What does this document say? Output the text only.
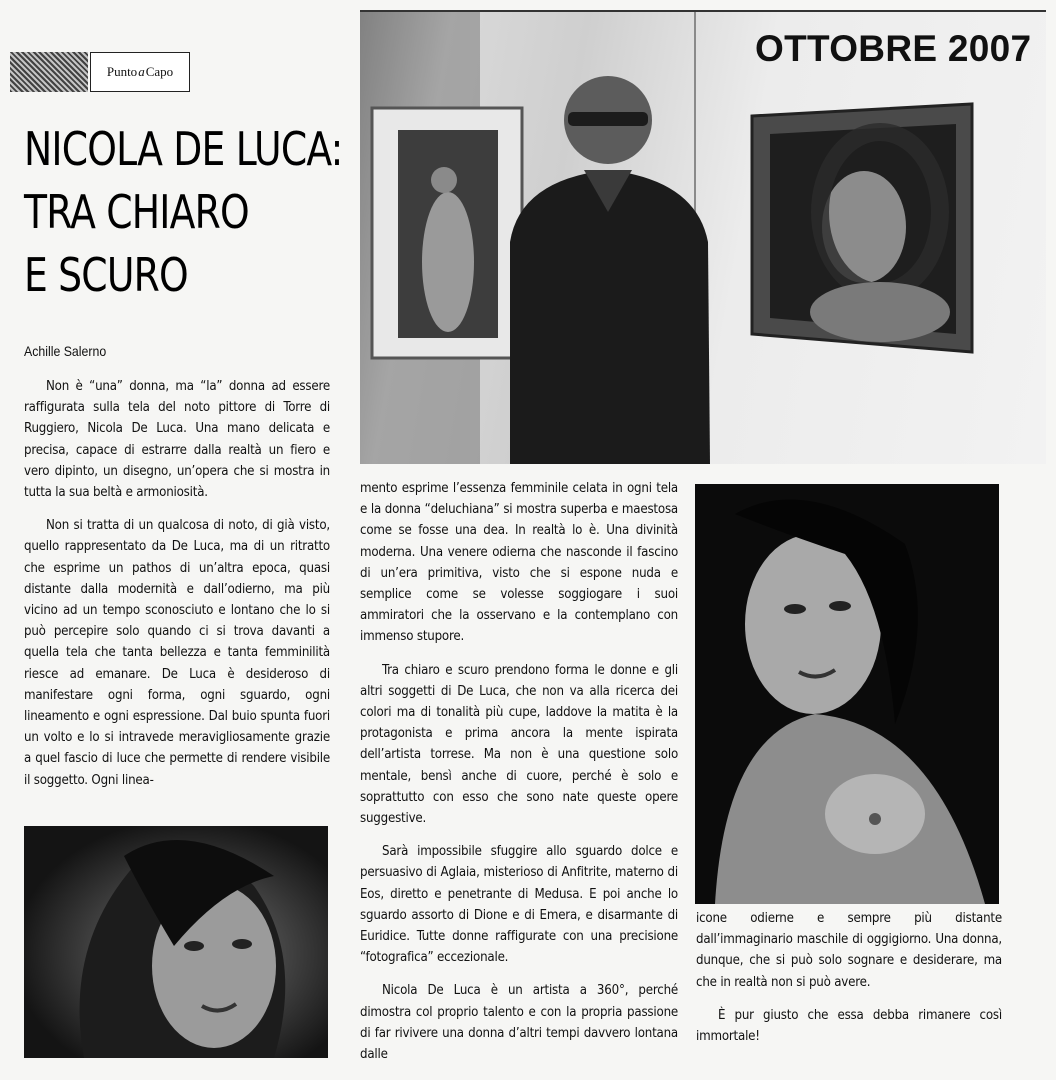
Punto a Capo
OTTOBRE 2007
NICOLA DE LUCA:
TRA CHIARO
E SCURO
Achille Salerno

Non è “una” donna, ma “la” donna ad essere raffigurata sulla tela del noto pittore di Torre di Ruggiero, Nicola De Luca. Una mano delicata e precisa, capace di estrarre dalla realtà un fiero e vero dipinto, un disegno, un’opera che si mostra in tutta la sua beltà e armoniosità.

Non si tratta di un qualcosa di noto, di già visto, quello rappresentato da De Luca, ma di un ritratto che esprime un pathos di un’altra epoca, quasi distante dalla modernità e dall’odierno, ma più vicino ad un tempo sconosciuto e lontano che lo si può percepire solo quando ci si trova davanti a quella tela che tanta bellezza e tanta femminilità riesce ad emanare. De Luca è desideroso di manifestare ogni forma, ogni sguardo, ogni lineamento e ogni espressione. Dal buio spunta fuori un volto e lo si intravede meravigliosamente grazie a quel fascio di luce che permette di rendere visibile il soggetto. Ogni linea-

mento esprime l’essenza femminile celata in ogni tela e la donna “deluchiana” si mostra superba e maestosa come se fosse una dea. In realtà lo è. Una divinità moderna. Una venere odierna che nasconde il fascino di un’era primitiva, visto che si espone nuda e semplice come se volesse soggiogare i suoi ammiratori che la osservano e la contemplano con immenso stupore.

Tra chiaro e scuro prendono forma le donne e gli altri soggetti di De Luca, che non va alla ricerca dei colori ma di tonalità più cupe, laddove la matita è la protagonista e prima ancora la mente ispirata dell’artista torrese. Ma non è una questione solo mentale, bensì anche di cuore, perché è solo e soprattutto con esso che sono nate queste opere suggestive.

Sarà impossibile sfuggire allo sguardo dolce e persuasivo di Aglaia, misterioso di Anfitrite, materno di Eos, diretto e penetrante di Medusa. E poi anche lo sguardo assorto di Dione e di Emera, e disarmante di Euridice. Tutte donne raffigurate con una precisione “fotografica” eccezionale.

Nicola De Luca è un artista a 360°, perché dimostra col proprio talento e con la propria passione di far rivivere una donna d’altri tempi davvero lontana dalle

icone odierne e sempre più distante dall’immaginario maschile di oggigiorno. Una donna, dunque, che si può solo sognare e desiderare, ma che in realtà non si può avere.

È pur giusto che essa debba rimanere così immortale!
